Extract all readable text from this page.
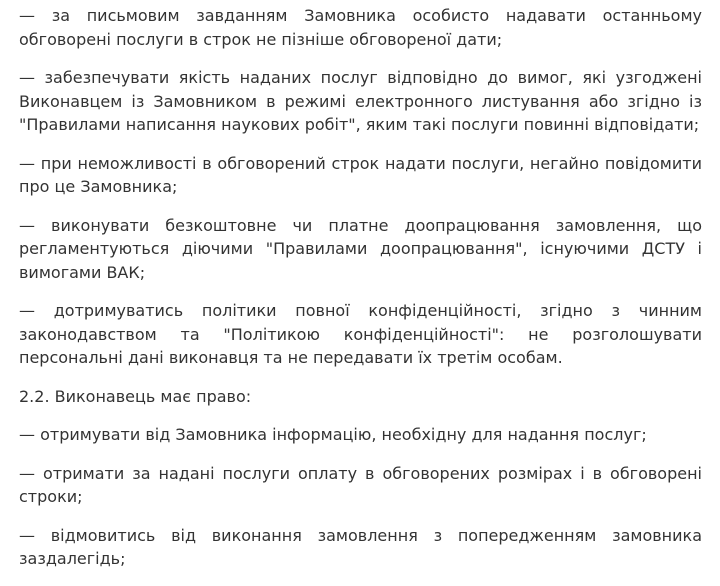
— за письмовим завданням Замовника особисто надавати останньому обговорені послуги в строк не пізніше обговореної дати;

— забезпечувати якість наданих послуг відповідно до вимог, які узгоджені Виконавцем із Замовником в режимі електронного листування або згідно із "Правилами написання наукових робіт", яким такі послуги повинні відповідати;

— при неможливості в обговорений строк надати послуги, негайно повідомити про це Замовника;

— виконувати безкоштовне чи платне доопрацювання замовлення, що регламентуються діючими "Правилами доопрацювання", існуючими ДСТУ і вимогами ВАК;

— дотримуватись політики повної конфіденційності, згідно з чинним законодавством та "Політикою конфіденційності": не розголошувати персональні дані виконавця та не передавати їх третім особам.

2.2. Виконавець має право:

— отримувати від Замовника інформацію, необхідну для надання послуг;

— отримати за надані послуги оплату в обговорених розмірах і в обговорені строки;

— відмовитись від виконання замовлення з попередженням замовника заздалегідь;
